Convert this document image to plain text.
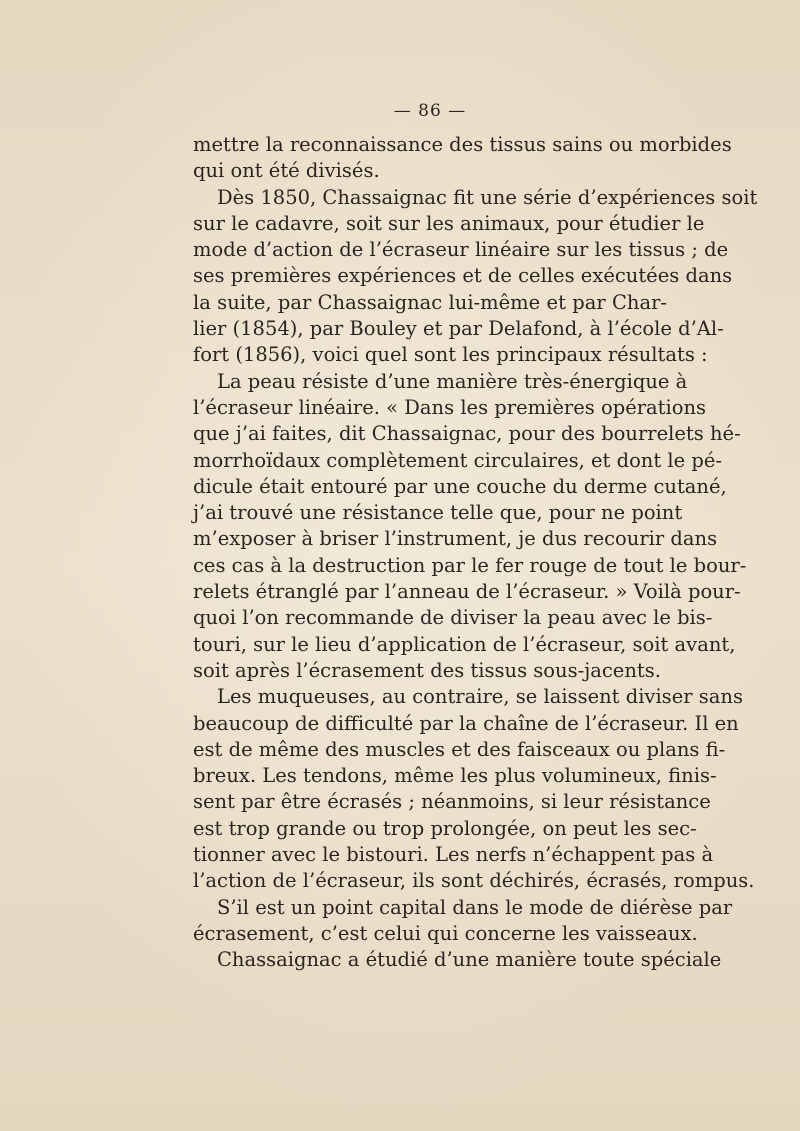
— 86 —
mettre la reconnaissance des tissus sains ou morbides
qui ont été divisés.
Dès 1850, Chassaignac fit une série d’expériences soit
sur le cadavre, soit sur les animaux, pour étudier le
mode d’action de l’écraseur linéaire sur les tissus ; de
ses premières expériences et de celles exécutées dans
la suite, par Chassaignac lui-même et par Char-
lier (1854), par Bouley et par Delafond, à l’école d’Al-
fort (1856), voici quel sont les principaux résultats :
La peau résiste d’une manière très-énergique à
l’écraseur linéaire. « Dans les premières opérations
que j’ai faites, dit Chassaignac, pour des bourrelets hé-
morrhoïdaux complètement circulaires, et dont le pé-
dicule était entouré par une couche du derme cutané,
j’ai trouvé une résistance telle que, pour ne point
m’exposer à briser l’instrument, je dus recourir dans
ces cas à la destruction par le fer rouge de tout le bour-
relets étranglé par l’anneau de l’écraseur. » Voilà pour-
quoi l’on recommande de diviser la peau avec le bis-
touri, sur le lieu d’application de l’écraseur, soit avant,
soit après l’écrasement des tissus sous-jacents.
Les muqueuses, au contraire, se laissent diviser sans
beaucoup de difficulté par la chaîne de l’écraseur. Il en
est de même des muscles et des faisceaux ou plans fi-
breux. Les tendons, même les plus volumineux, finis-
sent par être écrasés ; néanmoins, si leur résistance
est trop grande ou trop prolongée, on peut les sec-
tionner avec le bistouri. Les nerfs n’échappent pas à
l’action de l’écraseur, ils sont déchirés, écrasés, rompus.
S’il est un point capital dans le mode de diérèse par
écrasement, c’est celui qui concerne les vaisseaux.
Chassaignac a étudié d’une manière toute spéciale
